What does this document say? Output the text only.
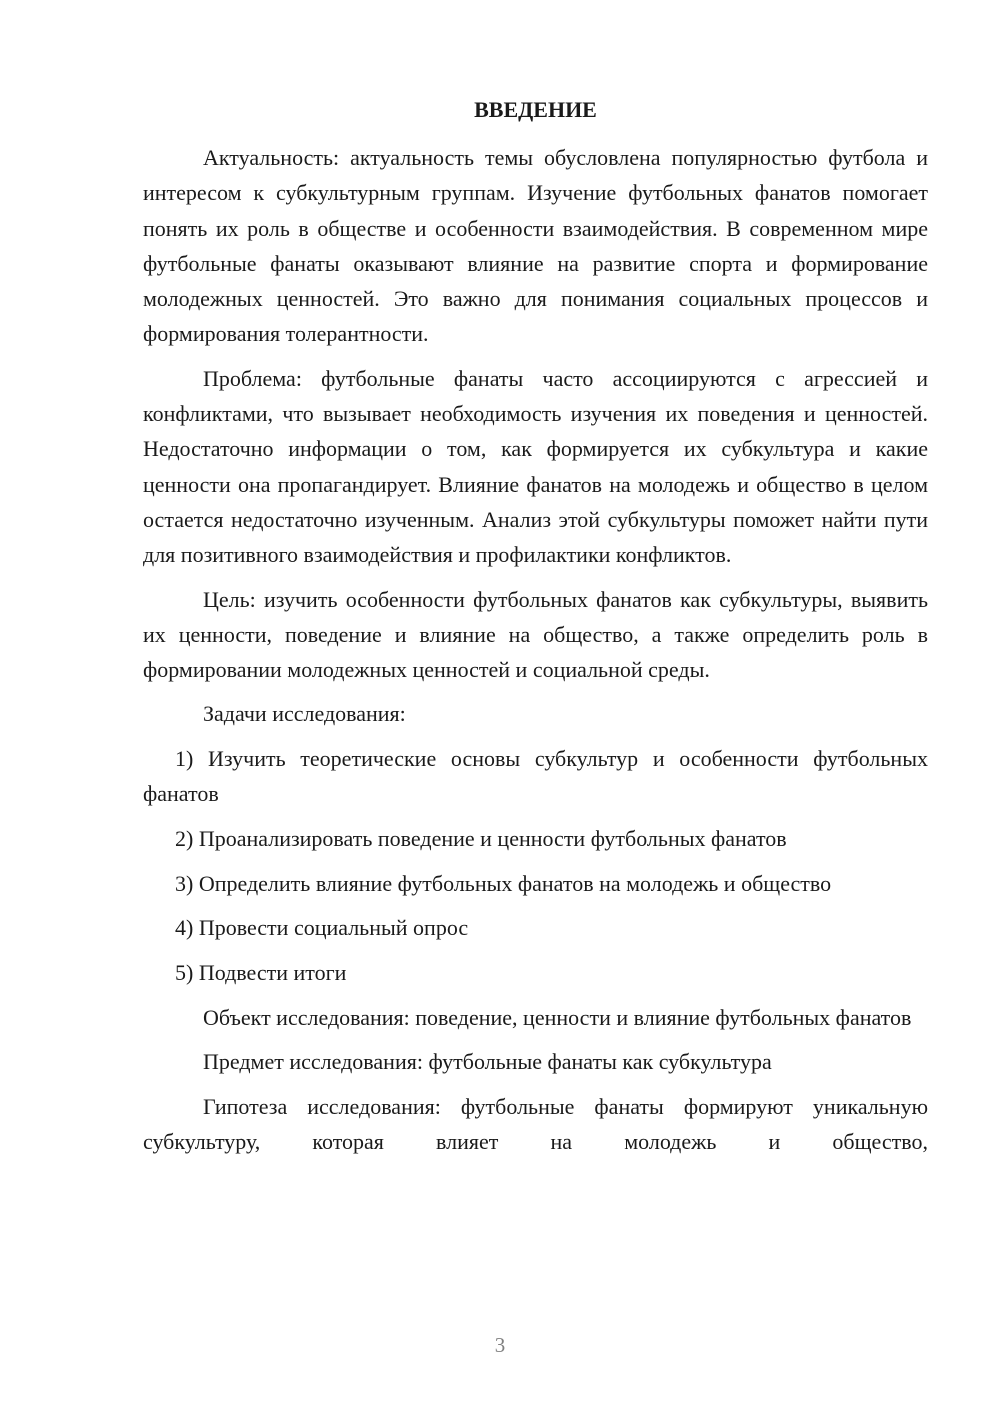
ВВЕДЕНИЕ

Актуальность: актуальность темы обусловлена популярностью футбола и интересом к субкультурным группам. Изучение футбольных фанатов помогает понять их роль в обществе и особенности взаимодействия. В современном мире футбольные фанаты оказывают влияние на развитие спорта и формирование молодежных ценностей. Это важно для понимания социальных процессов и формирования толерантности.

Проблема: футбольные фанаты часто ассоциируются с агрессией и конфликтами, что вызывает необходимость изучения их поведения и ценностей. Недостаточно информации о том, как формируется их субкультура и какие ценности она пропагандирует. Влияние фанатов на молодежь и общество в целом остается недостаточно изученным. Анализ этой субкультуры поможет найти пути для позитивного взаимодействия и профилактики конфликтов.

Цель: изучить особенности футбольных фанатов как субкультуры, выявить их ценности, поведение и влияние на общество, а также определить роль в формировании молодежных ценностей и социальной среды.

Задачи исследования:

1) Изучить теоретические основы субкультур и особенности футбольных фанатов

2) Проанализировать поведение и ценности футбольных фанатов

3) Определить влияние футбольных фанатов на молодежь и общество

4) Провести социальный опрос

5) Подвести итоги

Объект исследования: поведение, ценности и влияние футбольных фанатов

Предмет исследования: футбольные фанаты как субкультура

Гипотеза исследования: футбольные фанаты формируют уникальную субкультуру, которая влияет на молодежь и общество,

3
